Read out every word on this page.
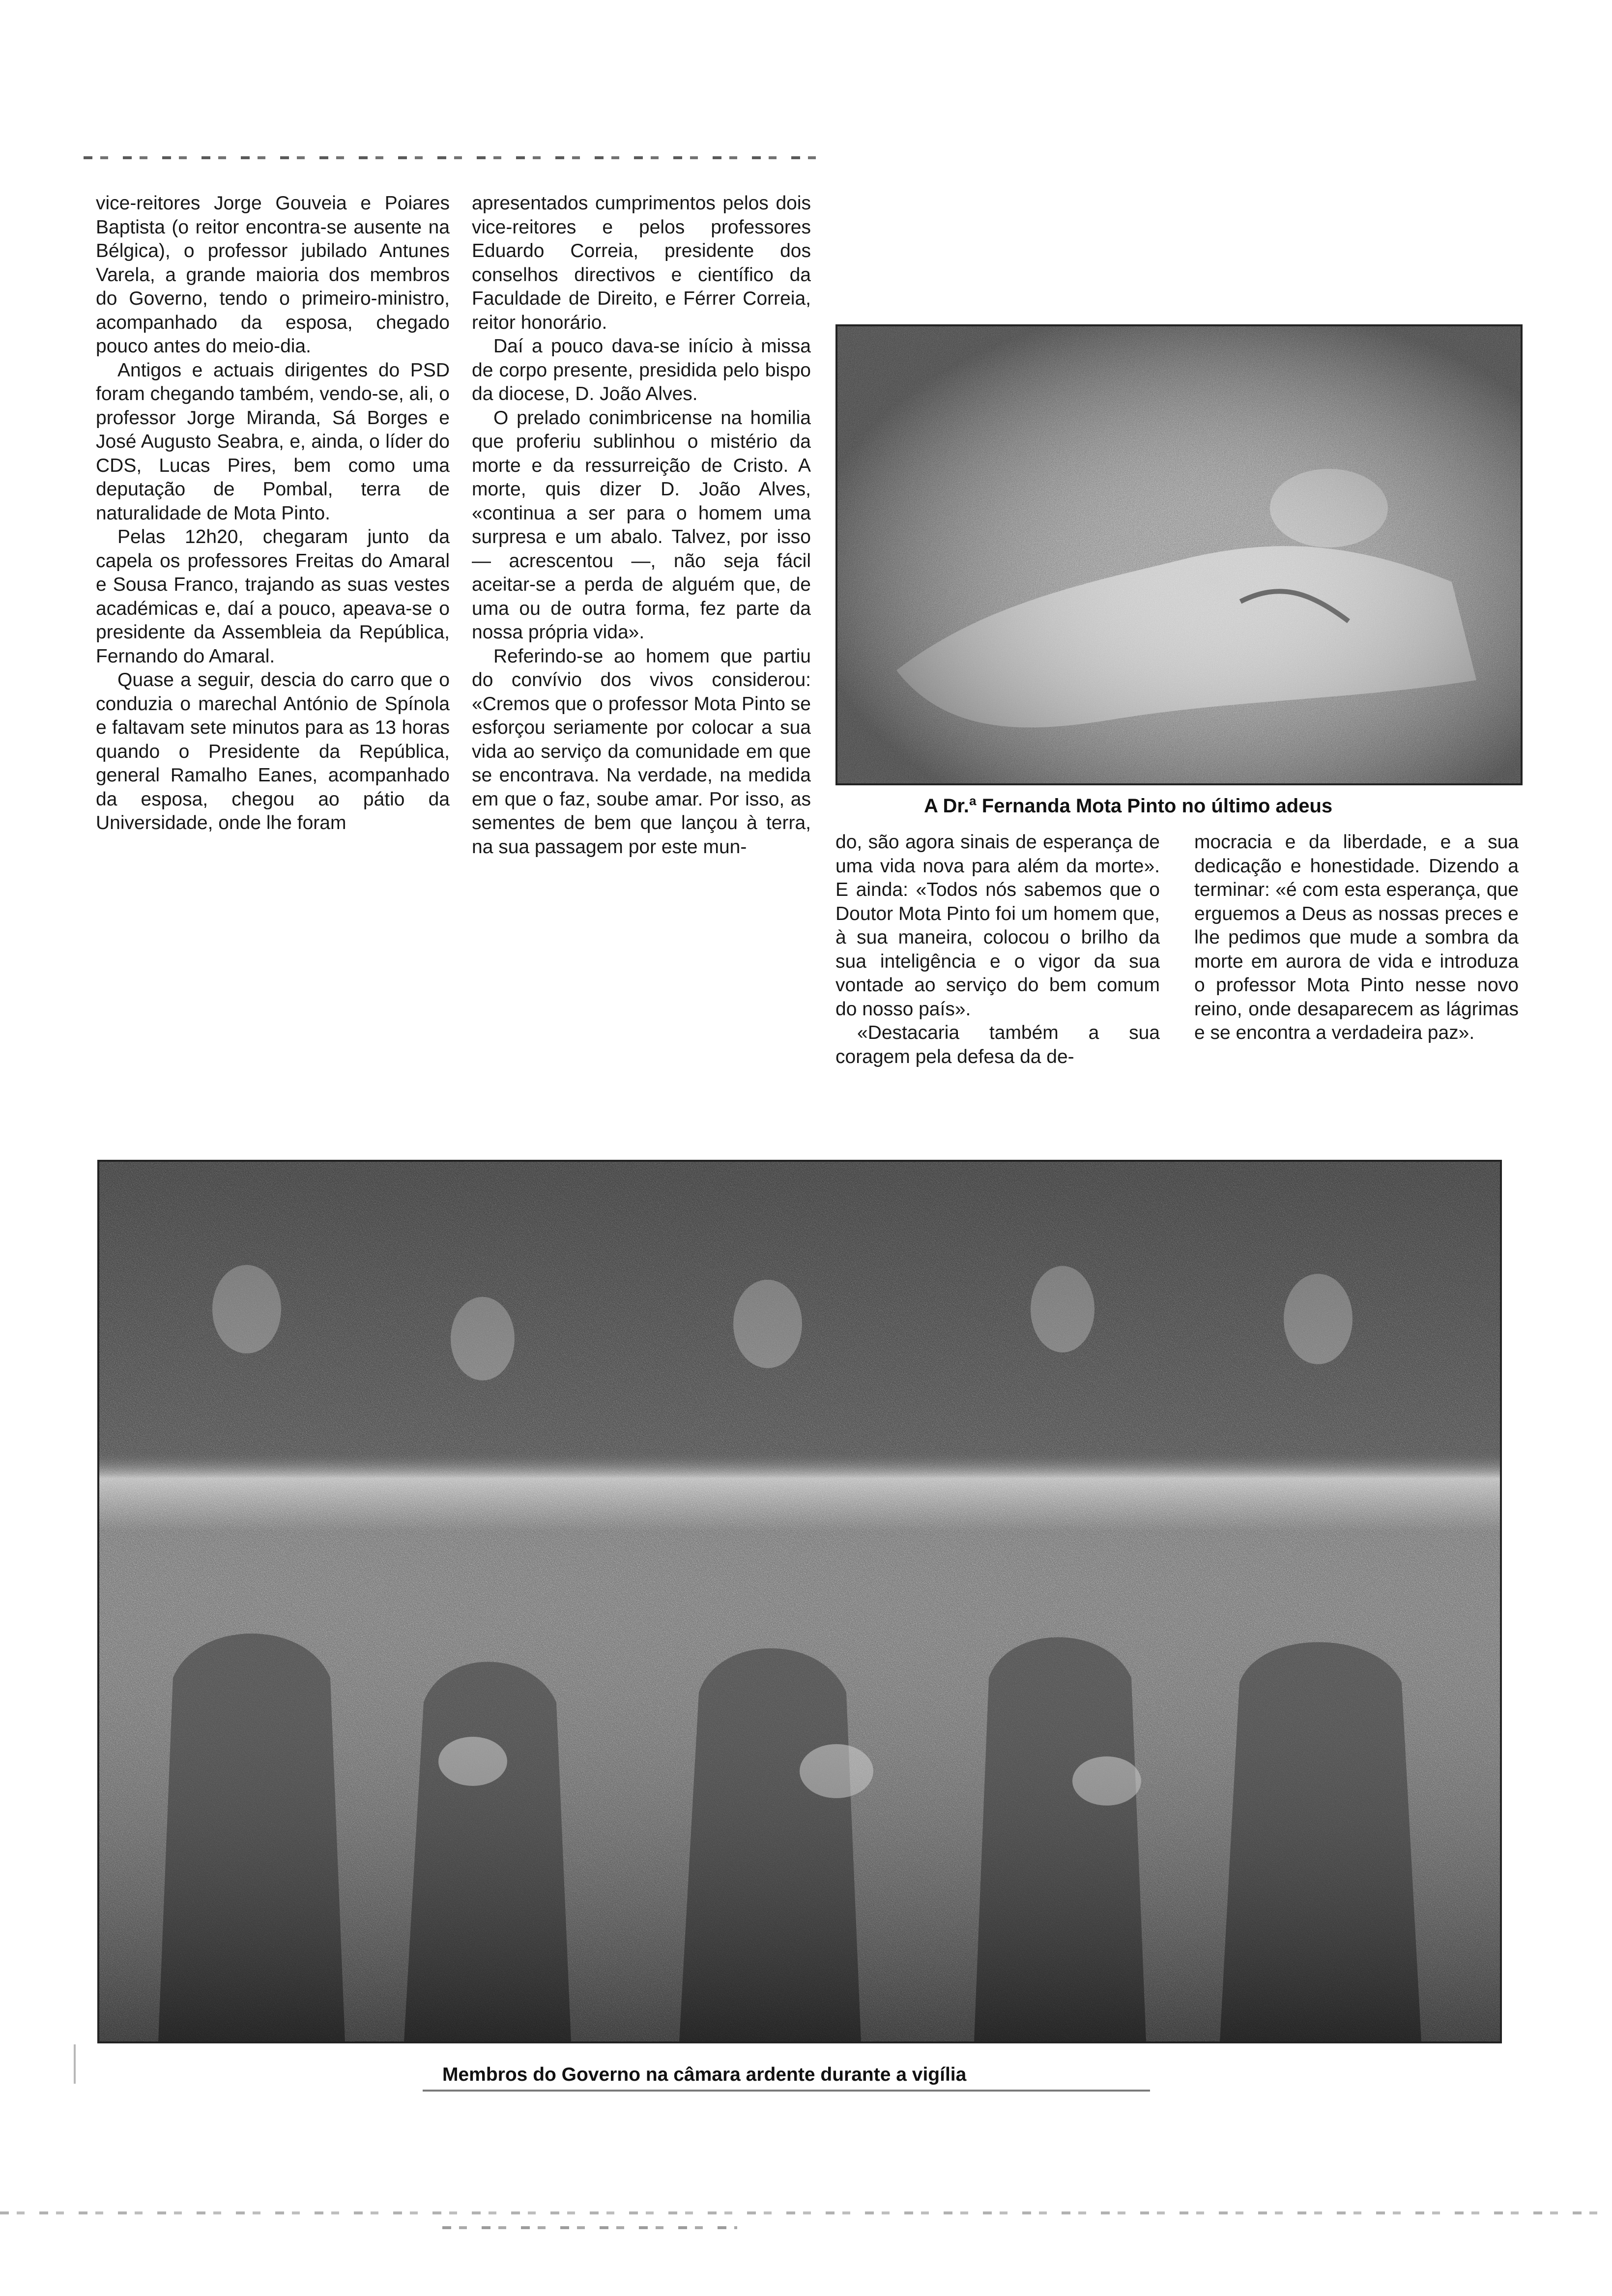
vice-reitores Jorge Gouveia e Poiares Baptista (o reitor encontra-se ausente na Bélgica), o professor jubilado Antunes Varela, a grande maioria dos membros do Governo, tendo o primeiro-ministro, acompanhado da esposa, chegado pouco antes do meio-dia.

Antigos e actuais dirigentes do PSD foram chegando também, vendo-se, ali, o professor Jorge Miranda, Sá Borges e José Augusto Seabra, e, ainda, o líder do CDS, Lucas Pires, bem como uma deputação de Pombal, terra de naturalidade de Mota Pinto.

Pelas 12h20, chegaram junto da capela os professores Freitas do Amaral e Sousa Franco, trajando as suas vestes académicas e, daí a pouco, apeava-se o presidente da Assembleia da República, Fernando do Amaral.

Quase a seguir, descia do carro que o conduzia o marechal António de Spínola e faltavam sete minutos para as 13 horas quando o Presidente da República, general Ramalho Eanes, acompanhado da esposa, chegou ao pátio da Universidade, onde lhe foram

apresentados cumprimentos pelos dois vice-reitores e pelos professores Eduardo Correia, presidente dos conselhos directivos e científico da Faculdade de Direito, e Férrer Correia, reitor honorário.

Daí a pouco dava-se início à missa de corpo presente, presidida pelo bispo da diocese, D. João Alves.

O prelado conimbricense na homilia que proferiu sublinhou o mistério da morte e da ressurreição de Cristo. A morte, quis dizer D. João Alves, «continua a ser para o homem uma surpresa e um abalo. Talvez, por isso — acrescentou —, não seja fácil aceitar-se a perda de alguém que, de uma ou de outra forma, fez parte da nossa própria vida».

Referindo-se ao homem que partiu do convívio dos vivos considerou: «Cremos que o professor Mota Pinto se esforçou seriamente por colocar a sua vida ao serviço da comunidade em que se encontrava. Na verdade, na medida em que o faz, soube amar. Por isso, as sementes de bem que lançou à terra, na sua passagem por este mun-

A Dr.ª Fernanda Mota Pinto no último adeus

do, são agora sinais de esperança de uma vida nova para além da morte». E ainda: «Todos nós sabemos que o Doutor Mota Pinto foi um homem que, à sua maneira, colocou o brilho da sua inteligência e o vigor da sua vontade ao serviço do bem comum do nosso país».

«Destacaria também a sua coragem pela defesa da de-

mocracia e da liberdade, e a sua dedicação e honestidade. Dizendo a terminar: «é com esta esperança, que erguemos a Deus as nossas preces e lhe pedimos que mude a sombra da morte em aurora de vida e introduza o professor Mota Pinto nesse novo reino, onde desaparecem as lágrimas e se encontra a verdadeira paz».

Membros do Governo na câmara ardente durante a vigília
